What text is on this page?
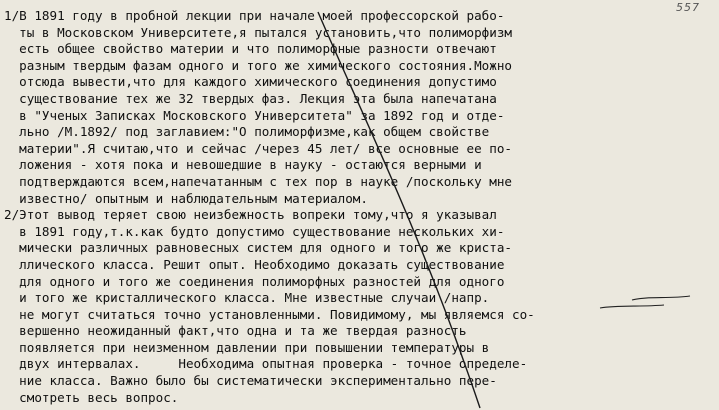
557
1/В 1891 году в пробной лекции при начале моей профессорской рабо-
ты в Московском Университете,я пытался установить,что полиморфизм
есть общее свойство материи и что полиморфные разности отвечают
разным твердым фазам одного и того же химического состояния.Можно
отсюда вывести,что для каждого химического соединения допустимо
существование тех же 32 твердых фаз. Лекция эта была напечатана
в "Ученых Записках Московского Университета" за 1892 год и отде-
льно /М.1892/ под заглавием:"О полиморфизме,как общем свойстве
материи".Я считаю,что и сейчас /через 45 лет/ все основные ее по-
ложения - хотя пока и невошедшие в науку - остаются верными и
подтверждаются всем,напечатанным с тех пор в науке /поскольку мне
известно/ опытным и наблюдательным материалом.
2/Этот вывод теряет свою неизбежность вопреки тому,что я указывал
в 1891 году,т.к.как будто допустимо существование нескольких хи-
мически различных равновесных систем для одного и того же криста-
ллического класса. Решит опыт. Необходимо доказать существование
для одного и того же соединения полиморфных разностей для одного
и того же кристаллического класса. Мне известные случаи /напр.
не могут считаться точно установленными. Повидимому, мы являемся со-
вершенно неожиданный факт,что одна и та же твердая разность
появляется при неизменном давлении при повышении температуры в
двух интервалах.     Необходима опытная проверка - точное определе-
ние класса. Важно было бы систематически экспериментально пере-
смотреть весь вопрос.
